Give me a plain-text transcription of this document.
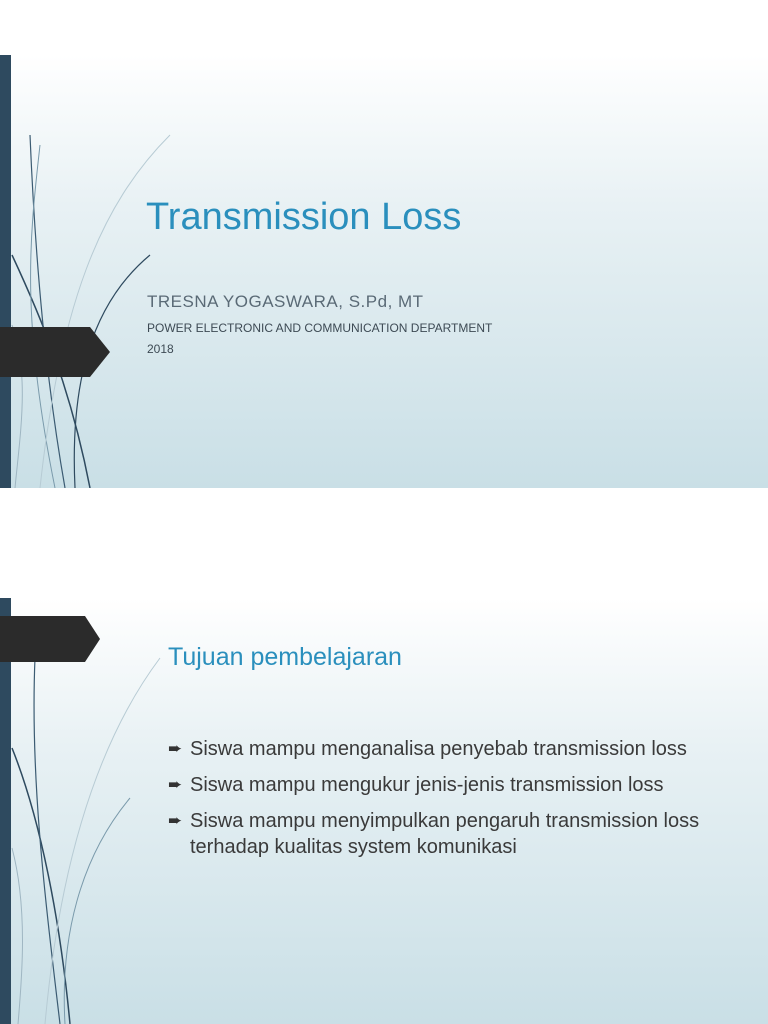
Transmission Loss
TRESNA YOGASWARA, S.Pd, MT
POWER ELECTRONIC AND COMMUNICATION DEPARTMENT
2018
Tujuan pembelajaran
➨ Siswa mampu menganalisa penyebab transmission loss
➨ Siswa mampu mengukur jenis-jenis transmission loss
➨ Siswa mampu menyimpulkan pengaruh transmission loss terhadap kualitas system komunikasi
